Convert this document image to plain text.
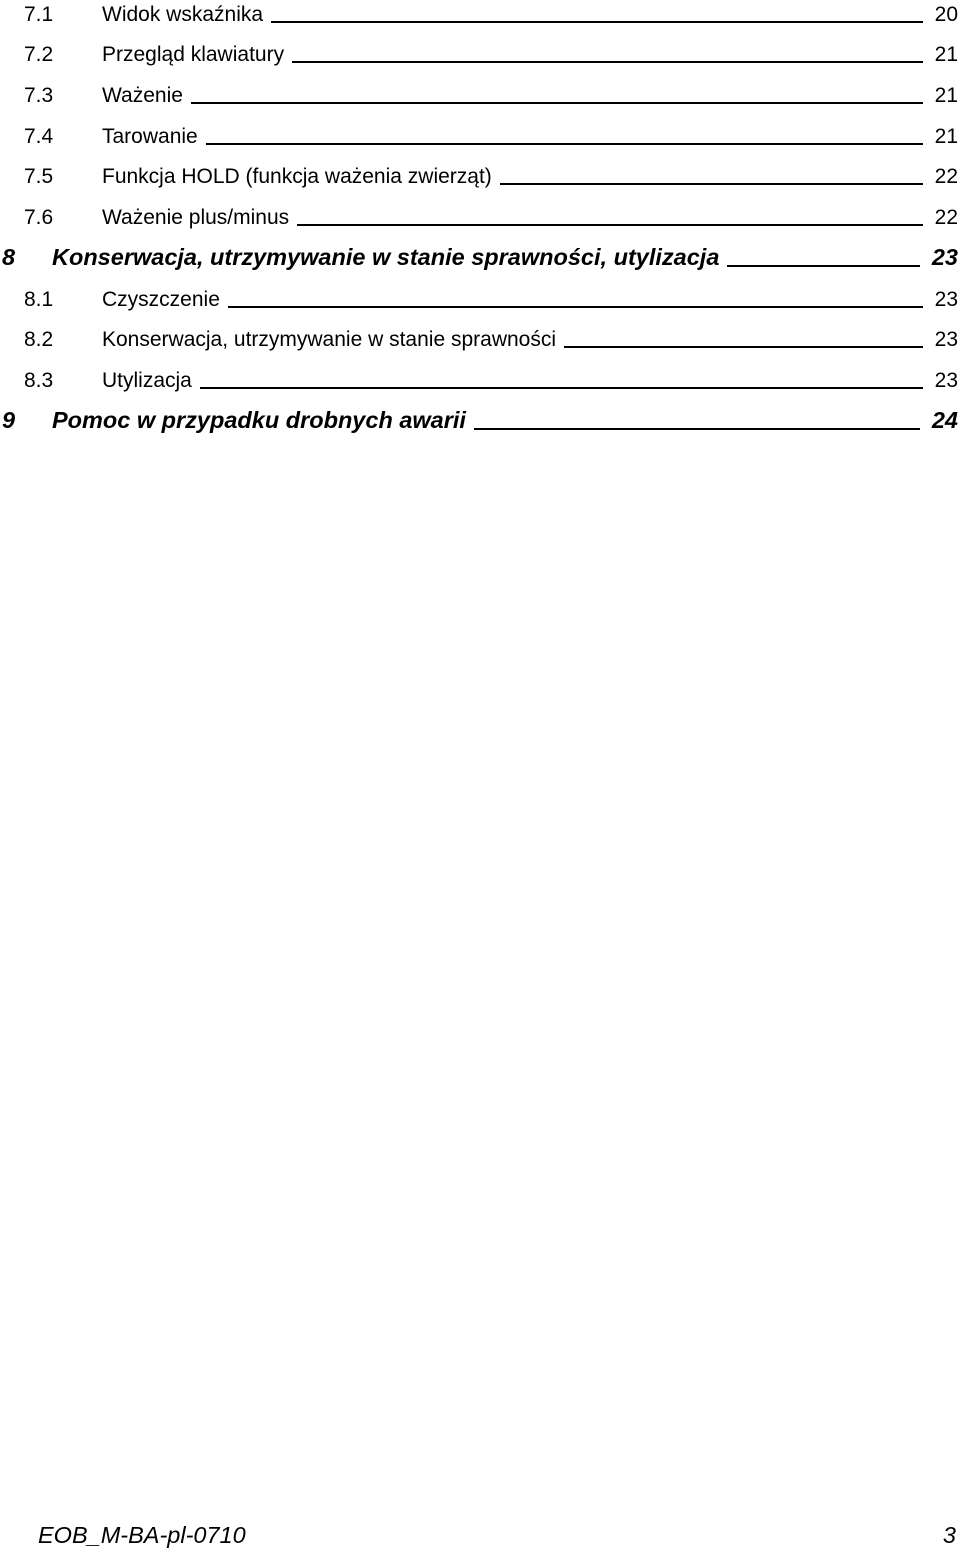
7.1	Widok wskaźnika	20
7.2	Przegląd klawiatury	21
7.3	Ważenie	21
7.4	Tarowanie	21
7.5	Funkcja HOLD (funkcja ważenia zwierząt)	22
7.6	Ważenie plus/minus	22
8	Konserwacja, utrzymywanie w stanie sprawności, utylizacja	23
8.1	Czyszczenie	23
8.2	Konserwacja, utrzymywanie w stanie sprawności	23
8.3	Utylizacja	23
9	Pomoc w przypadku drobnych awarii	24
EOB_M-BA-pl-0710	3
